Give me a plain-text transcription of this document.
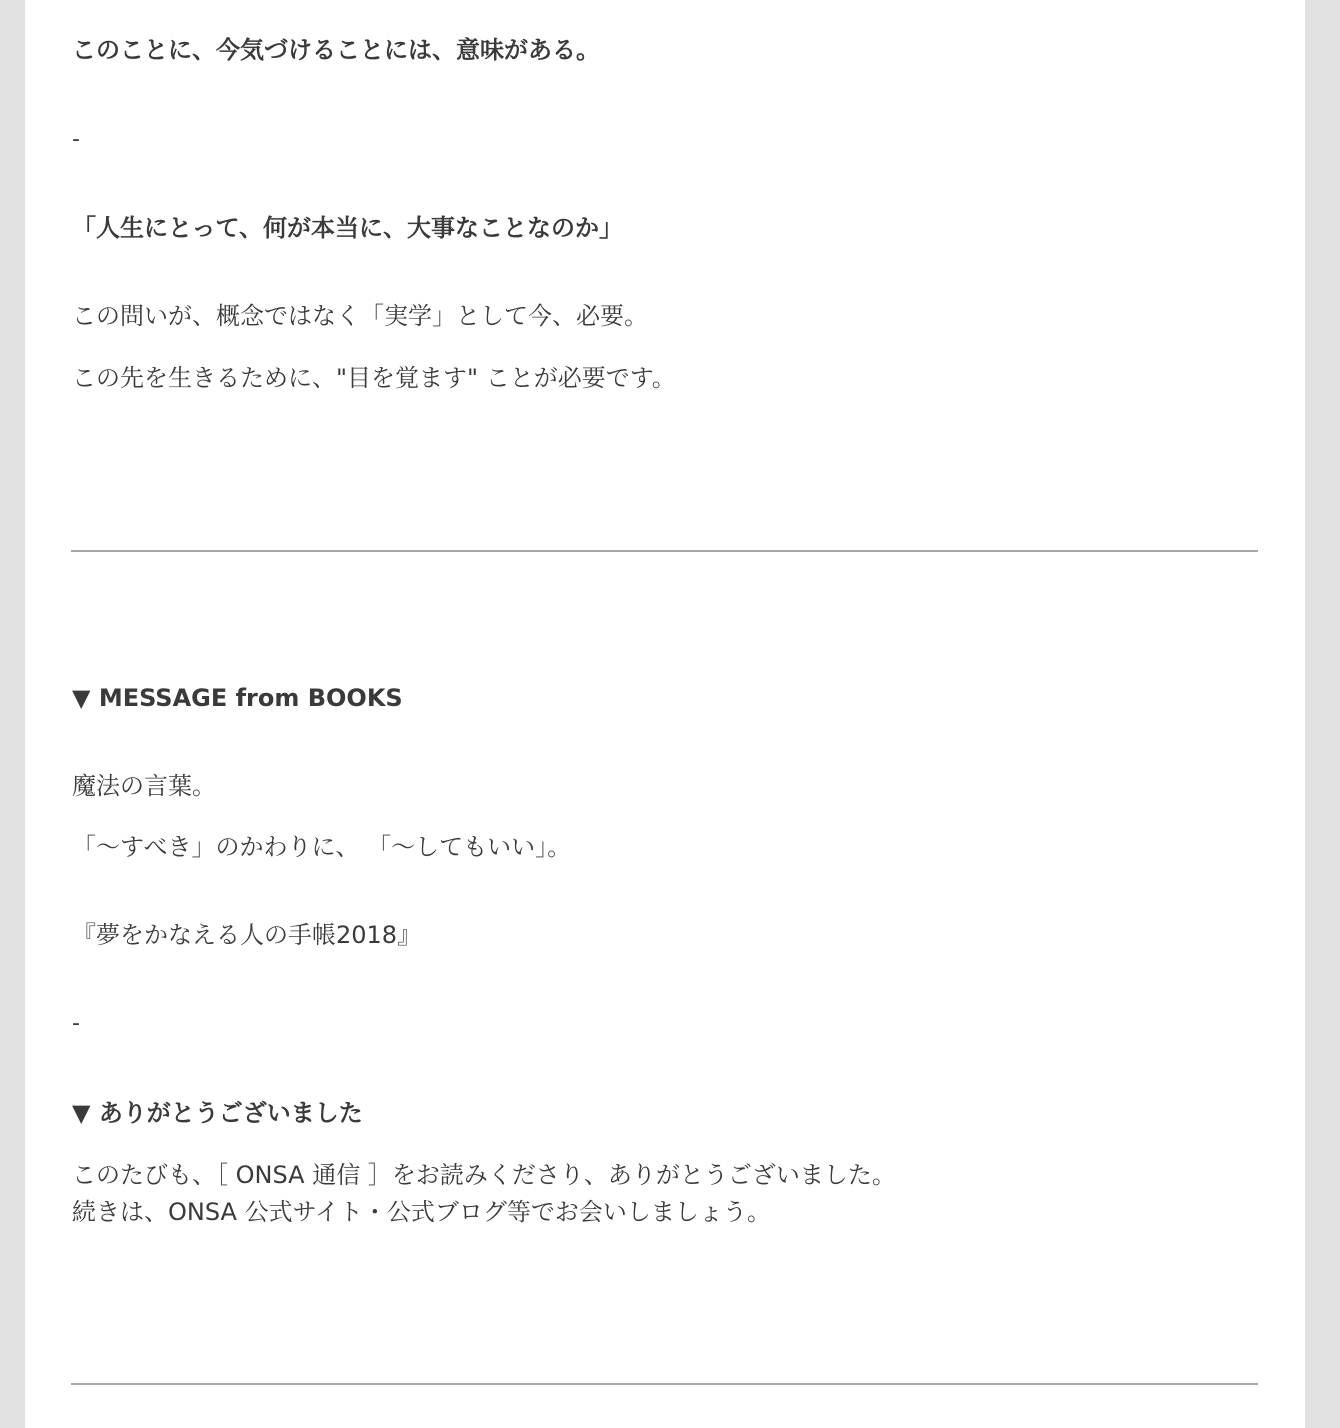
このことに、今気づけることには、意味がある。

-

「人生にとって、何が本当に、大事なことなのか」

この問いが、概念ではなく「実学」として今、必要。

この先を生きるために、"目を覚ます" ことが必要です。

▼ MESSAGE from BOOKS

魔法の言葉。

「〜すべき」のかわりに、 「〜してもいい」。

『夢をかなえる人の手帳2018』

-

▼ ありがとうございました

このたびも、［ ONSA 通信 ］をお読みくださり、ありがとうございました。

続きは、ONSA 公式サイト・公式ブログ等でお会いしましょう。
